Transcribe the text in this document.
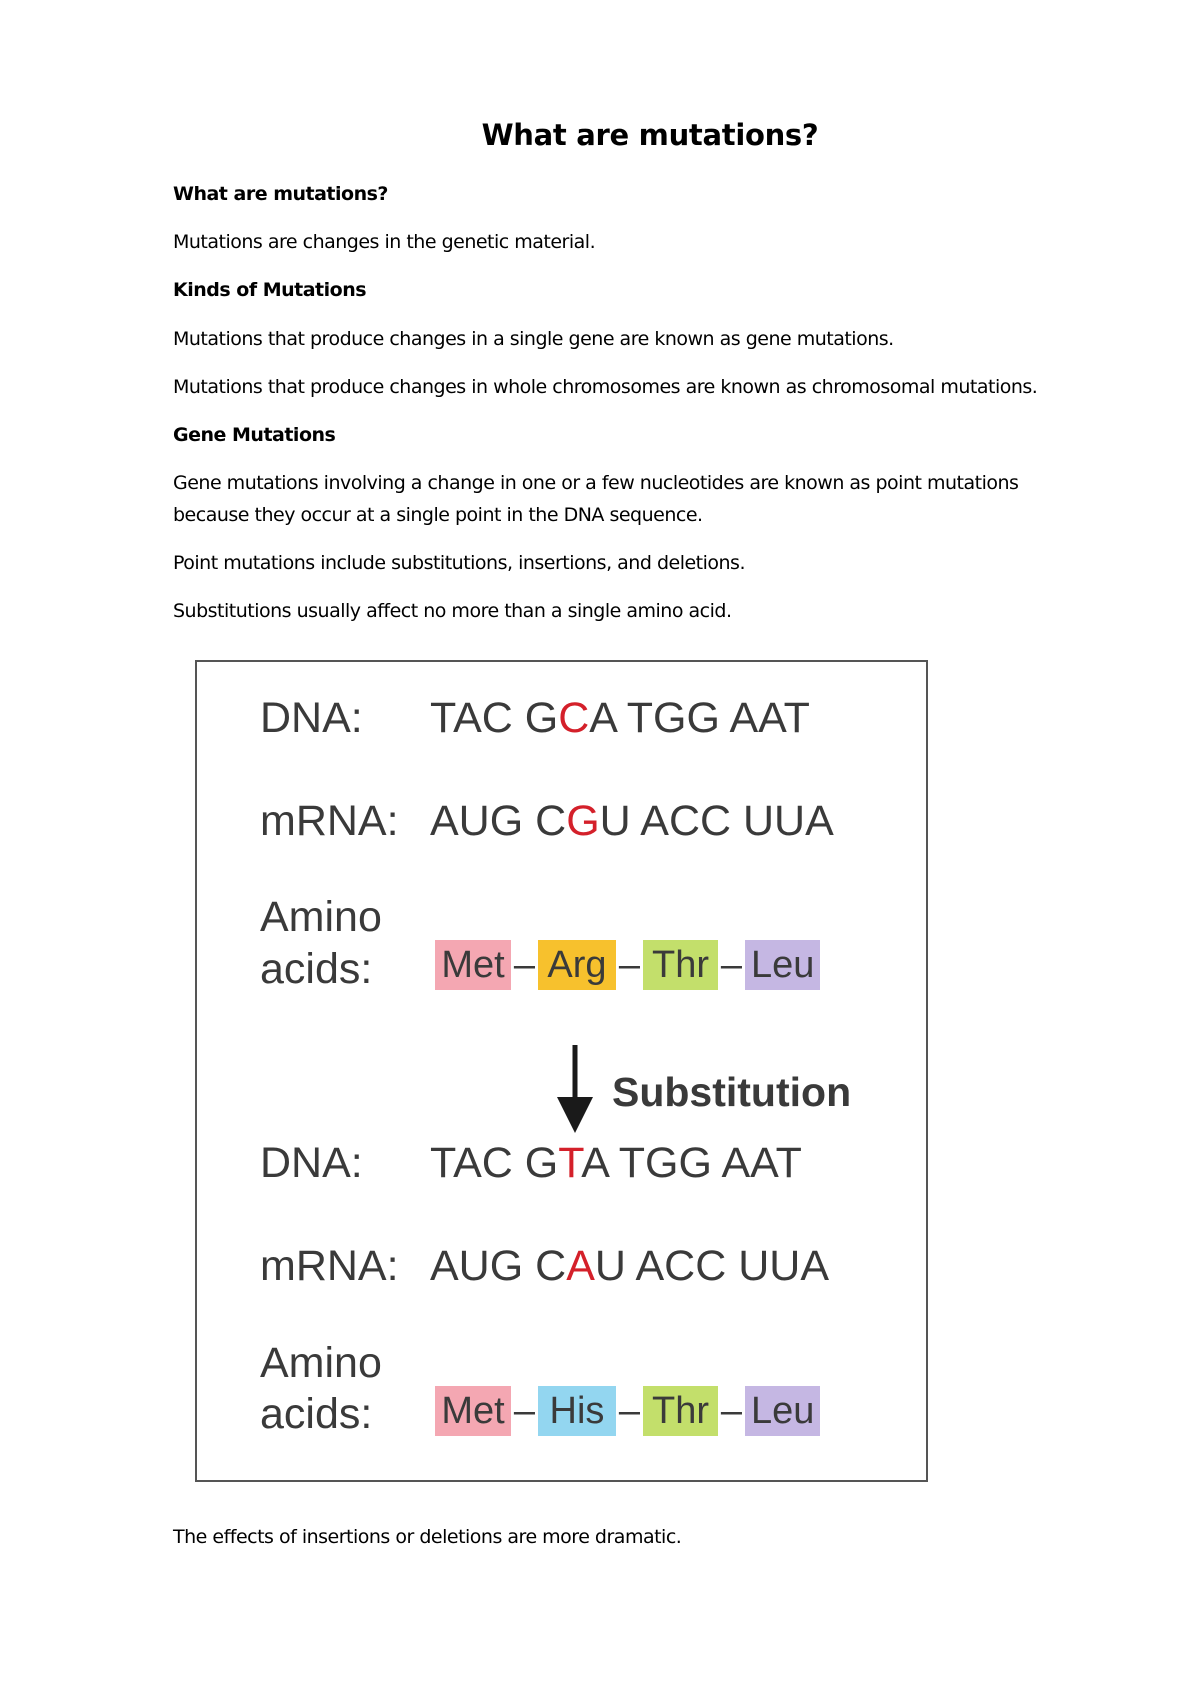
What are mutations?
What are mutations?
Mutations are changes in the genetic material.
Kinds of Mutations
Mutations that produce changes in a single gene are known as gene mutations.
Mutations that produce changes in whole chromosomes are known as chromosomal mutations.
Gene Mutations
Gene mutations involving a change in one or a few nucleotides are known as point mutations
because they occur at a single point in the DNA sequence.
Point mutations include substitutions, insertions, and deletions.
Substitutions usually affect no more than a single amino acid.
DNA: TAC GCA TGG AAT
mRNA: AUG CGU ACC UUA
Amino
acids: Met – Arg – Thr – Leu
Substitution
DNA: TAC GTA TGG AAT
mRNA: AUG CAU ACC UUA
Amino
acids: Met – His – Thr – Leu
The effects of insertions or deletions are more dramatic.
